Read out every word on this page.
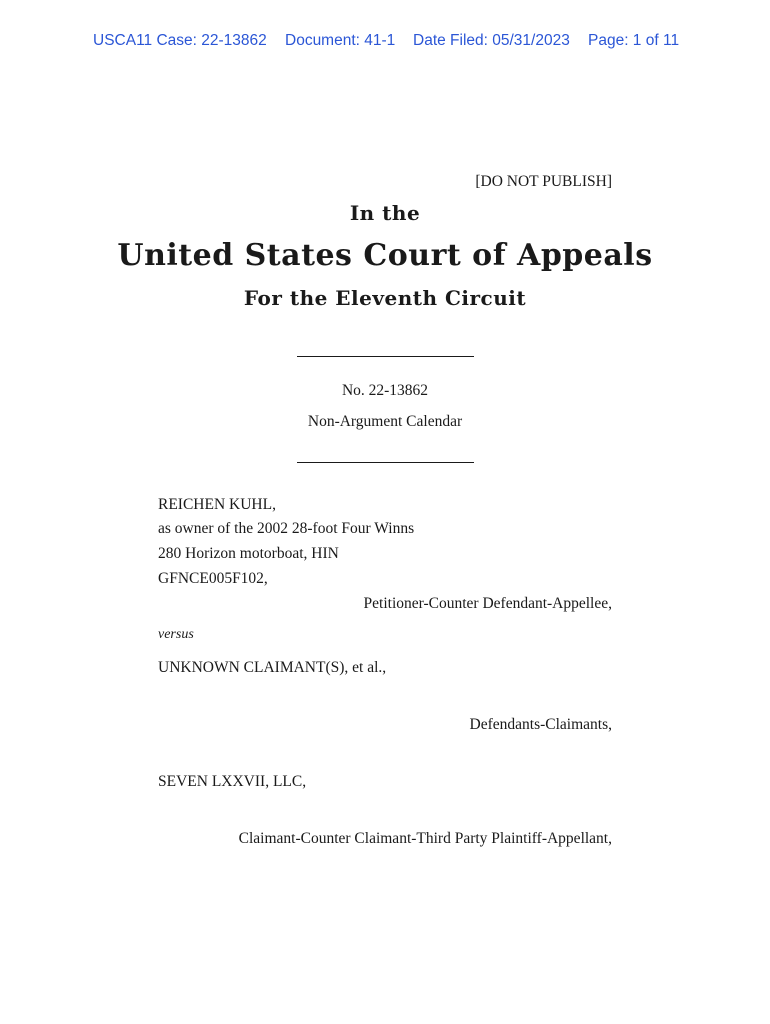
USCA11 Case: 22-13862 Document: 41-1 Date Filed: 05/31/2023 Page: 1 of 11
[DO NOT PUBLISH]
In the
United States Court of Appeals
For the Eleventh Circuit
No. 22-13862
Non-Argument Calendar
REICHEN KUHL,
as owner of the 2002 28-foot Four Winns
280 Horizon motorboat, HIN
GFNCE005F102,
Petitioner-Counter Defendant-Appellee,
versus
UNKNOWN CLAIMANT(S), et al.,
Defendants-Claimants,
SEVEN LXXVII, LLC,
Claimant-Counter Claimant-Third Party Plaintiff-Appellant,
